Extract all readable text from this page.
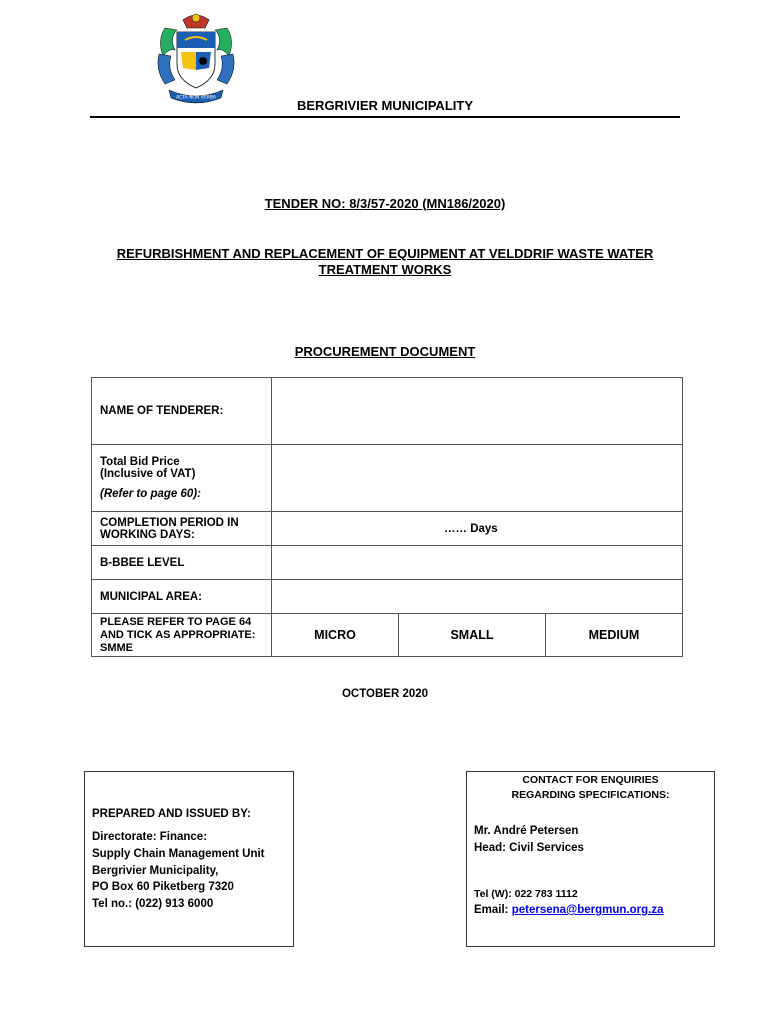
ACTA NON VERBA	BERGRIVIER MUNICIPALITY
TENDER NO: 8/3/57-2020 (MN186/2020)
REFURBISHMENT AND REPLACEMENT OF EQUIPMENT AT VELDDRIF WASTE WATER TREATMENT WORKS
PROCUREMENT DOCUMENT
NAME OF TENDERER:			

Total Bid Price
(Inclusive of VAT)
(Refer to page 60):			

COMPLETION PERIOD IN WORKING DAYS:	…… Days		
B-BBEE LEVEL			
MUNICIPAL AREA:			
PLEASE REFER TO PAGE 64 AND TICK AS APPROPRIATE: SMME	MICRO	SMALL	MEDIUM
OCTOBER 2020
PREPARED AND ISSUED BY:
Directorate: Finance:
Supply Chain Management Unit
Bergrivier Municipality,
PO Box 60 Piketberg 7320
Tel no.: (022) 913 6000
CONTACT FOR ENQUIRIES
REGARDING SPECIFICATIONS:
Mr. André Petersen
Head: Civil Services
Tel (W): 022 783 1112
Email: petersena@bergmun.org.za
